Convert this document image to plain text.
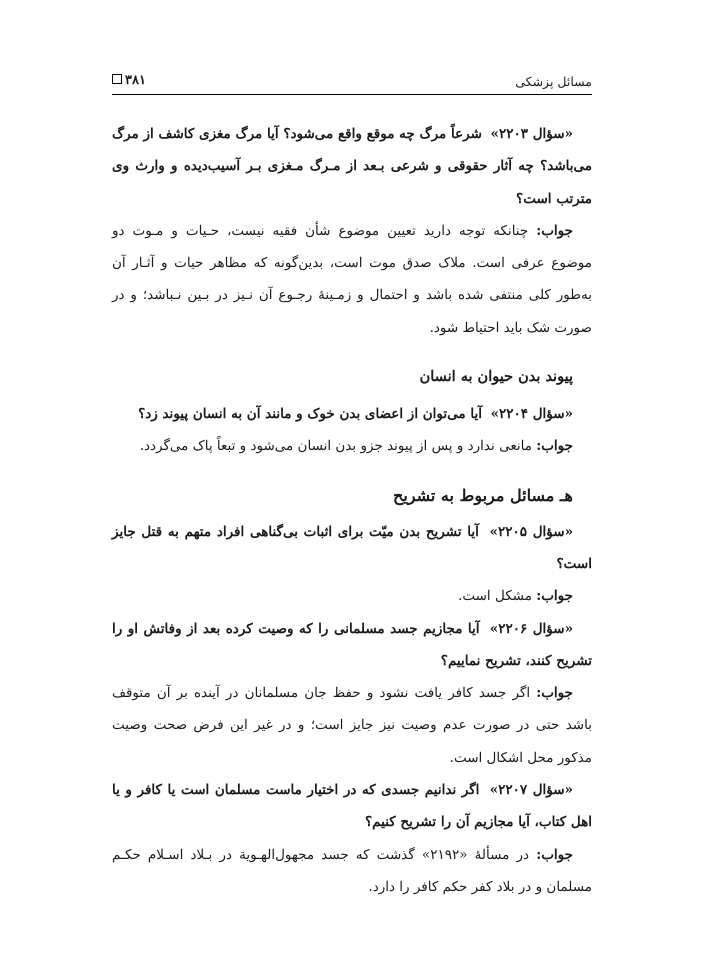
مسائل پزشکی
۳۸۱

«سؤال ۲۲۰۳»  شرعاً مرگ چه موقع واقع می‌شود؟ آیا مرگ مغزی کاشف از مرگ می‌باشد؟ چه آثار حقوقی و شرعی بـعد از مـرگ مـغزی بـر آسیب‌دیده و وارث وی مترتب است؟

جواب: چنانکه توجه دارید تعیین موضوع شأن فقیه نیست، حـیات و مـوت دو موضوع عرفی است. ملاک صدق موت است، بدین‌گونه که مظاهر حیات و آثـار آن به‌طور کلی منتفی شده باشد و احتمال و زمـینهٔ رجـوع آن نـیز در بـین نـباشد؛ و در صورت شک باید احتیاط شود.

پیوند بدن حیوان به انسان

«سؤال ۲۲۰۴»  آیا می‌توان از اعضای بدن خوک و مانند آن به انسان پیوند زد؟

جواب: مانعی ندارد و پس از پیوند جزو بدن انسان می‌شود و تبعاً پاک می‌گردد.

هـ مسائل مربوط به تشریح

«سؤال ۲۲۰۵»  آیا تشریح بدن میّت برای اثبات بی‌گناهی افراد متهم به قتل جایز است؟

جواب: مشکل است.

«سؤال ۲۲۰۶»  آیا مجازیم جسد مسلمانی را که وصیت کرده بعد از وفاتش او را تشریح کنند، تشریح نماییم؟

جواب: اگر جسد کافر یافت نشود و حفظ جان مسلمانان در آینده بر آن متوقف باشد حتی در صورت عدم وصیت نیز جایز است؛ و در غیر این فرض صحت وصیت مذکور محل اشکال است.

«سؤال ۲۲۰۷»  اگر ندانیم جسدی که در اختیار ماست مسلمان است یا کافر و یا اهل کتاب، آیا مجازیم آن را تشریح کنیم؟

جواب: در مسألهٔ «۲۱۹۲» گذشت که جسد مجهول‌الهـویة در بـلاد اسـلام حکـم مسلمان و در بلاد کفر حکم کافر را دارد.
